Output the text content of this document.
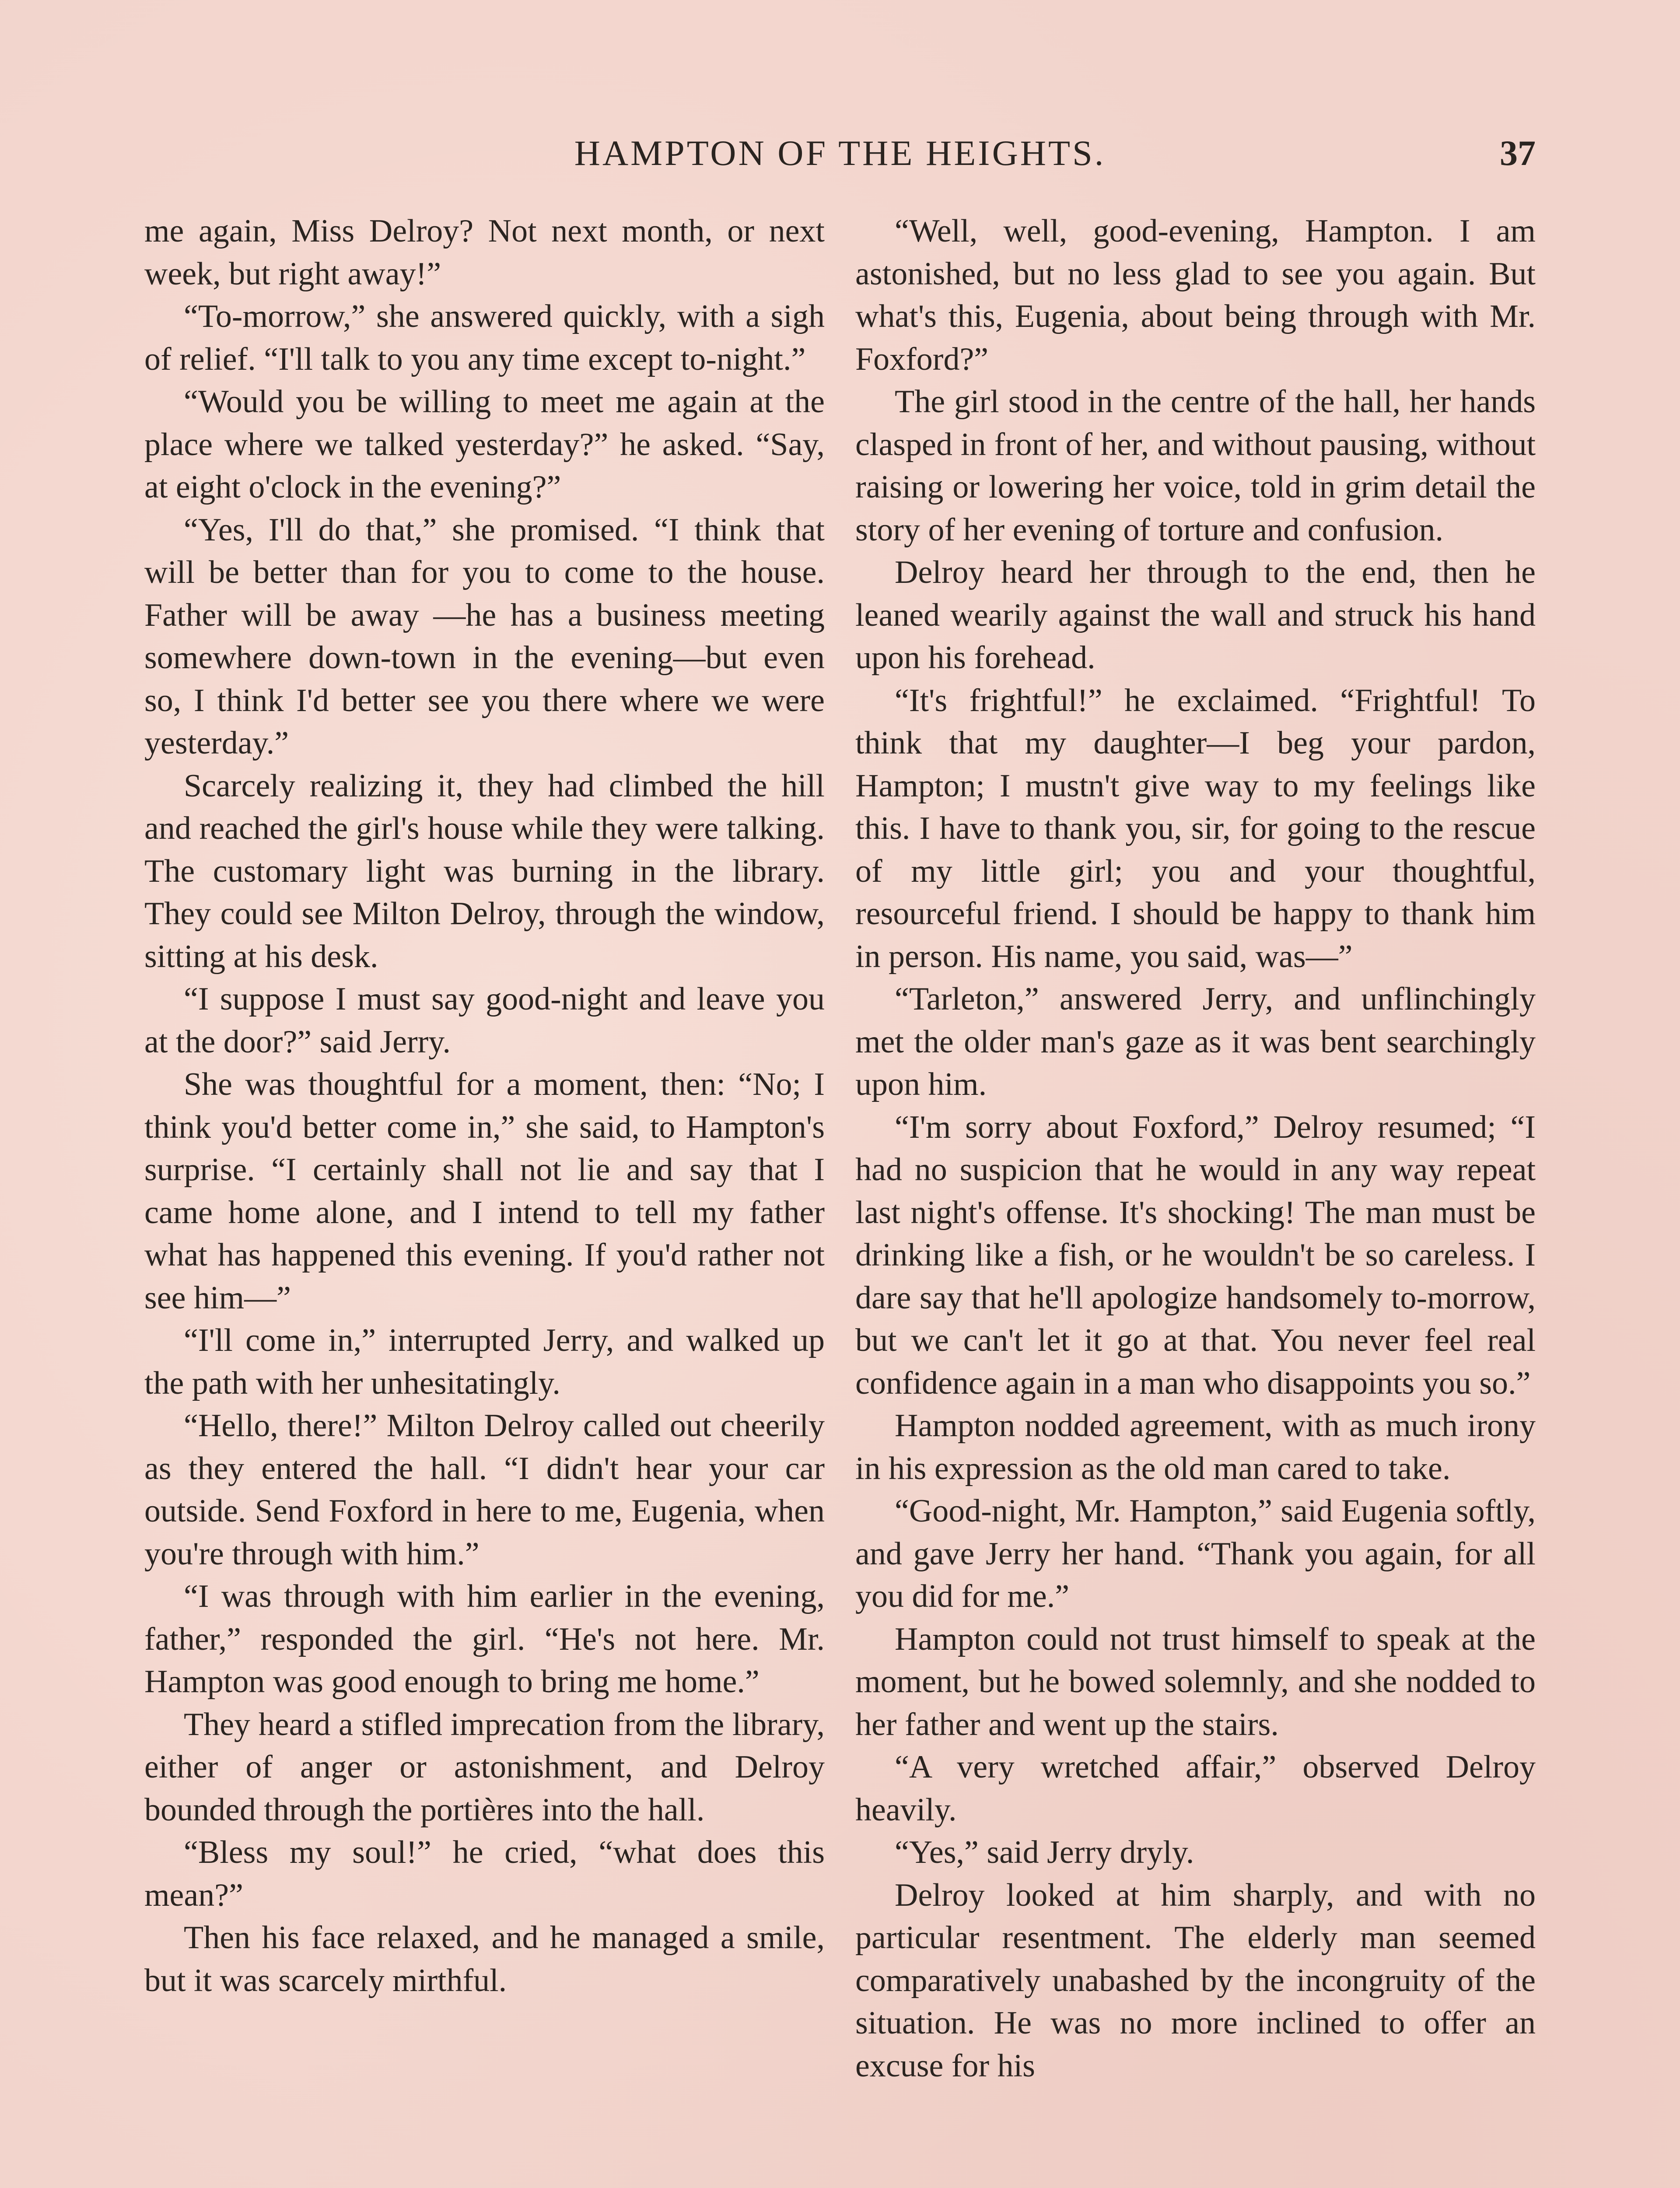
HAMPTON OF THE HEIGHTS.	37

me again, Miss Delroy? Not next month, or next week, but right away!”

“To-morrow,” she answered quickly, with a sigh of relief. “I'll talk to you any time except to-night.”

“Would you be willing to meet me again at the place where we talked yesterday?” he asked. “Say, at eight o'clock in the evening?”

“Yes, I'll do that,” she promised. “I think that will be better than for you to come to the house. Father will be away —he has a business meeting somewhere down-town in the evening—but even so, I think I'd better see you there where we were yesterday.”

Scarcely realizing it, they had climbed the hill and reached the girl's house while they were talking. The customary light was burning in the library. They could see Milton Delroy, through the window, sitting at his desk.

“I suppose I must say good-night and leave you at the door?” said Jerry.

She was thoughtful for a moment, then: “No; I think you'd better come in,” she said, to Hampton's surprise. “I certainly shall not lie and say that I came home alone, and I intend to tell my father what has happened this evening. If you'd rather not see him—”

“I'll come in,” interrupted Jerry, and walked up the path with her unhesitatingly.

“Hello, there!” Milton Delroy called out cheerily as they entered the hall. “I didn't hear your car outside. Send Foxford in here to me, Eugenia, when you're through with him.”

“I was through with him earlier in the evening, father,” responded the girl. “He's not here. Mr. Hampton was good enough to bring me home.”

They heard a stifled imprecation from the library, either of anger or astonishment, and Delroy bounded through the portières into the hall.

“Bless my soul!” he cried, “what does this mean?”

Then his face relaxed, and he managed a smile, but it was scarcely mirthful.

“Well, well, good-evening, Hampton. I am astonished, but no less glad to see you again. But what's this, Eugenia, about being through with Mr. Foxford?”

The girl stood in the centre of the hall, her hands clasped in front of her, and without pausing, without raising or lowering her voice, told in grim detail the story of her evening of torture and confusion.

Delroy heard her through to the end, then he leaned wearily against the wall and struck his hand upon his forehead.

“It's frightful!” he exclaimed. “Frightful! To think that my daughter—I beg your pardon, Hampton; I mustn't give way to my feelings like this. I have to thank you, sir, for going to the rescue of my little girl; you and your thoughtful, resourceful friend. I should be happy to thank him in person. His name, you said, was—”

“Tarleton,” answered Jerry, and unflinchingly met the older man's gaze as it was bent searchingly upon him.

“I'm sorry about Foxford,” Delroy resumed; “I had no suspicion that he would in any way repeat last night's offense. It's shocking! The man must be drinking like a fish, or he wouldn't be so careless. I dare say that he'll apologize handsomely to-morrow, but we can't let it go at that. You never feel real confidence again in a man who disappoints you so.”

Hampton nodded agreement, with as much irony in his expression as the old man cared to take.

“Good-night, Mr. Hampton,” said Eugenia softly, and gave Jerry her hand. “Thank you again, for all you did for me.”

Hampton could not trust himself to speak at the moment, but he bowed solemnly, and she nodded to her father and went up the stairs.

“A very wretched affair,” observed Delroy heavily.

“Yes,” said Jerry dryly.

Delroy looked at him sharply, and with no particular resentment. The elderly man seemed comparatively unabashed by the incongruity of the situation. He was no more inclined to offer an excuse for his
